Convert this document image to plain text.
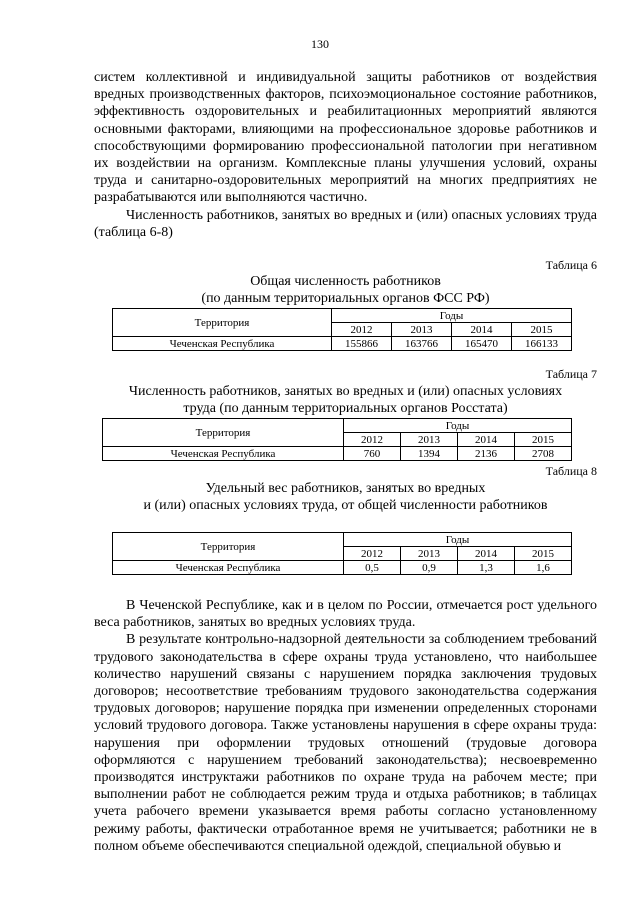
130

систем коллективной и индивидуальной защиты работников от воздействия вредных производственных факторов, психоэмоциональное состояние работников, эффективность оздоровительных и реабилитационных мероприятий являются основными факторами, влияющими на профессиональное здоровье работников и способствующими формированию профессиональной патологии при негативном их воздействии на организм. Комплексные планы улучшения условий, охраны труда и санитарно-оздоровительных мероприятий на многих предприятиях не разрабатываются или выполняются частично.

Численность работников, занятых во вредных и (или) опасных условиях труда (таблица 6-8)

Таблица 6
Общая численность работников
(по данным территориальных органов ФСС РФ)
Территория	Годы			
	2012	2013	2014	2015
Чеченская Республика	155866	163766	165470	166133
Таблица 7
Численность работников, занятых во вредных и (или) опасных условиях
труда (по данным территориальных органов Росстата)
Территория	Годы			
	2012	2013	2014	2015
Чеченская Республика	760	1394	2136	2708
Таблица 8
Удельный вес работников, занятых во вредных
и (или) опасных условиях труда, от общей численности работников
Территория	Годы			
	2012	2013	2014	2015
Чеченская Республика	0,5	0,9	1,3	1,6

В Чеченской Республике, как и в целом по России, отмечается рост удельного веса работников, занятых во вредных условиях труда.

В результате контрольно-надзорной деятельности за соблюдением требований трудового законодательства в сфере охраны труда установлено, что наибольшее количество нарушений связаны с нарушением порядка заключения трудовых договоров; несоответствие требованиям трудового законодательства содержания трудовых договоров; нарушение порядка при изменении определенных сторонами условий трудового договора. Также установлены нарушения в сфере охраны труда: нарушения при оформлении трудовых отношений (трудовые договора оформляются с нарушением требований законодательства); несвоевременно производятся инструктажи работников по охране труда на рабочем месте; при выполнении работ не соблюдается режим труда и отдыха работников; в таблицах учета рабочего времени указывается время работы согласно установленному режиму работы, фактически отработанное время не учитывается; работники не в полном объеме обеспечиваются специальной одеждой, специальной обувью и
